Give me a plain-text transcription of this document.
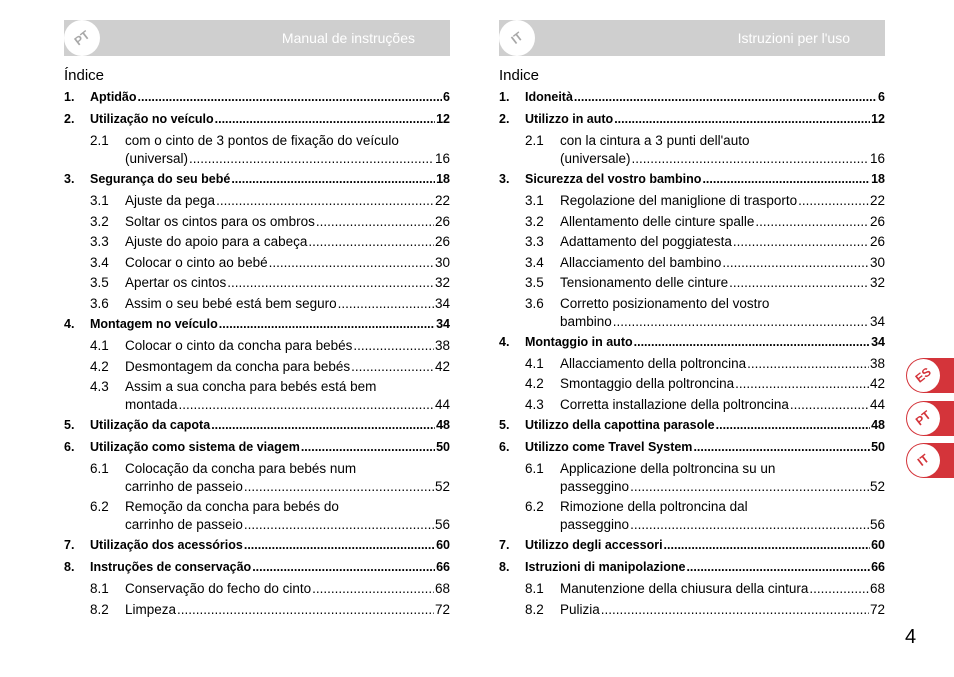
PT	Manual de instruções
Índice
1.	Aptidão .....	6
2.	Utilização no veículo .....	12
2.1	com o cinto de 3 pontos de fixação do veículo
(universal) .....	16
3.	Segurança do seu bebé .....	18
3.1	Ajuste da pega .....	22
3.2	Soltar os cintos para os ombros .....	26
3.3	Ajuste do apoio para a cabeça .....	26
3.4	Colocar o cinto ao bebé .....	30
3.5	Apertar os cintos .....	32
3.6	Assim o seu bebé está bem seguro .....	34
4.	Montagem no veículo .....	34
4.1	Colocar o cinto da concha para bebés .....	38
4.2	Desmontagem da concha para bebés .....	42
4.3	Assim a sua concha para bebés está bem
montada .....	44
5.	Utilização da capota .....	48
6.	Utilização como sistema de viagem .....	50
6.1	Colocação da concha para bebés num
carrinho de passeio .....	52
6.2	Remoção da concha para bebés do
carrinho de passeio .....	56
7.	Utilização dos acessórios .....	60
8.	Instruções de conservação .....	66
8.1	Conservação do fecho do cinto .....	68
8.2	Limpeza .....	72
IT	Istruzioni per l'uso
Indice
1.	Idoneità .....	6
2.	Utilizzo in auto .....	12
2.1	con la cintura a 3 punti dell'auto
(universale) .....	16
3.	Sicurezza del vostro bambino .....	18
3.1	Regolazione del maniglione di trasporto .....	22
3.2	Allentamento delle cinture spalle .....	26
3.3	Adattamento del poggiatesta .....	26
3.4	Allacciamento del bambino .....	30
3.5	Tensionamento delle cinture .....	32
3.6	Corretto posizionamento del vostro
bambino .....	34
4.	Montaggio in auto .....	34
4.1	Allacciamento della poltroncina .....	38
4.2	Smontaggio della poltroncina .....	42
4.3	Corretta installazione della poltroncina .....	44
5.	Utilizzo della capottina parasole .....	48
6.	Utilizzo come Travel System .....	50
6.1	Applicazione della poltroncina su un
passeggino .....	52
6.2	Rimozione della poltroncina dal
passeggino .....	56
7.	Utilizzo degli accessori .....	60
8.	Istruzioni di manipolazione .....	66
8.1	Manutenzione della chiusura della cintura .....	68
8.2	Pulizia .....	72
ES
PT
IT
4
